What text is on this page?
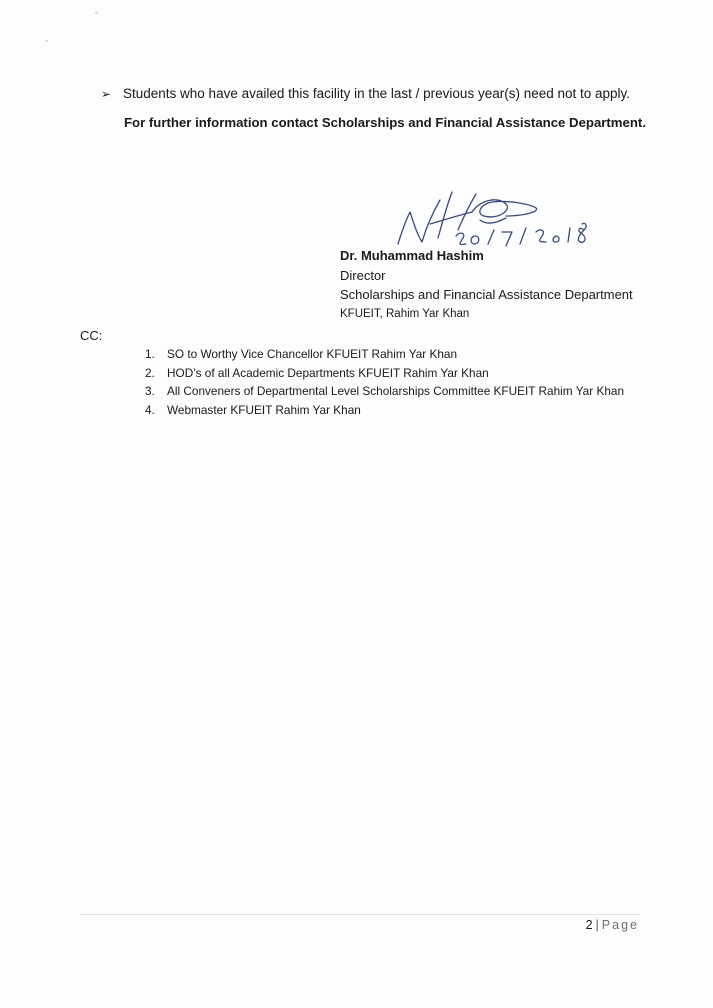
➢ Students who have availed this facility in the last / previous year(s) need not to apply.
For further information contact Scholarships and Financial Assistance Department.
Dr. Muhammad Hashim
Director
Scholarships and Financial Assistance Department
KFUEIT, Rahim Yar Khan
CC:
1. SO to Worthy Vice Chancellor KFUEIT Rahim Yar Khan
2. HOD’s of all Academic Departments KFUEIT Rahim Yar Khan
3. All Conveners of Departmental Level Scholarships Committee KFUEIT Rahim Yar Khan
4. Webmaster KFUEIT Rahim Yar Khan
2 | Page
